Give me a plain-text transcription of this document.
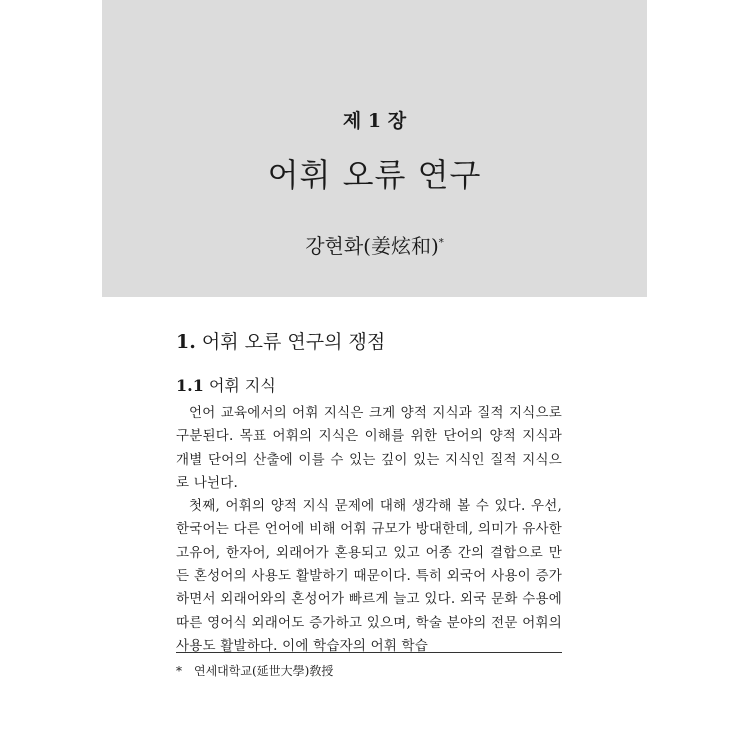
제 1 장
어휘 오류 연구
강현화(姜炫和)*
1. 어휘 오류 연구의 쟁점
1.1 어휘 지식

언어 교육에서의 어휘 지식은 크게 양적 지식과 질적 지식으로 구분된다. 목표 어휘의 지식은 이해를 위한 단어의 양적 지식과 개별 단어의 산출에 이를 수 있는 깊이 있는 지식인 질적 지식으로 나뉜다.

첫째, 어휘의 양적 지식 문제에 대해 생각해 볼 수 있다. 우선, 한국어는 다른 언어에 비해 어휘 규모가 방대한데, 의미가 유사한 고유어, 한자어, 외래어가 혼용되고 있고 어종 간의 결합으로 만든 혼성어의 사용도 활발하기 때문이다. 특히 외국어 사용이 증가하면서 외래어와의 혼성어가 빠르게 늘고 있다. 외국 문화 수용에 따른 영어식 외래어도 증가하고 있으며, 학술 분야의 전문 어휘의 사용도 활발하다. 이에 학습자의 어휘 학습

* 연세대학교(延世大學)敎授
